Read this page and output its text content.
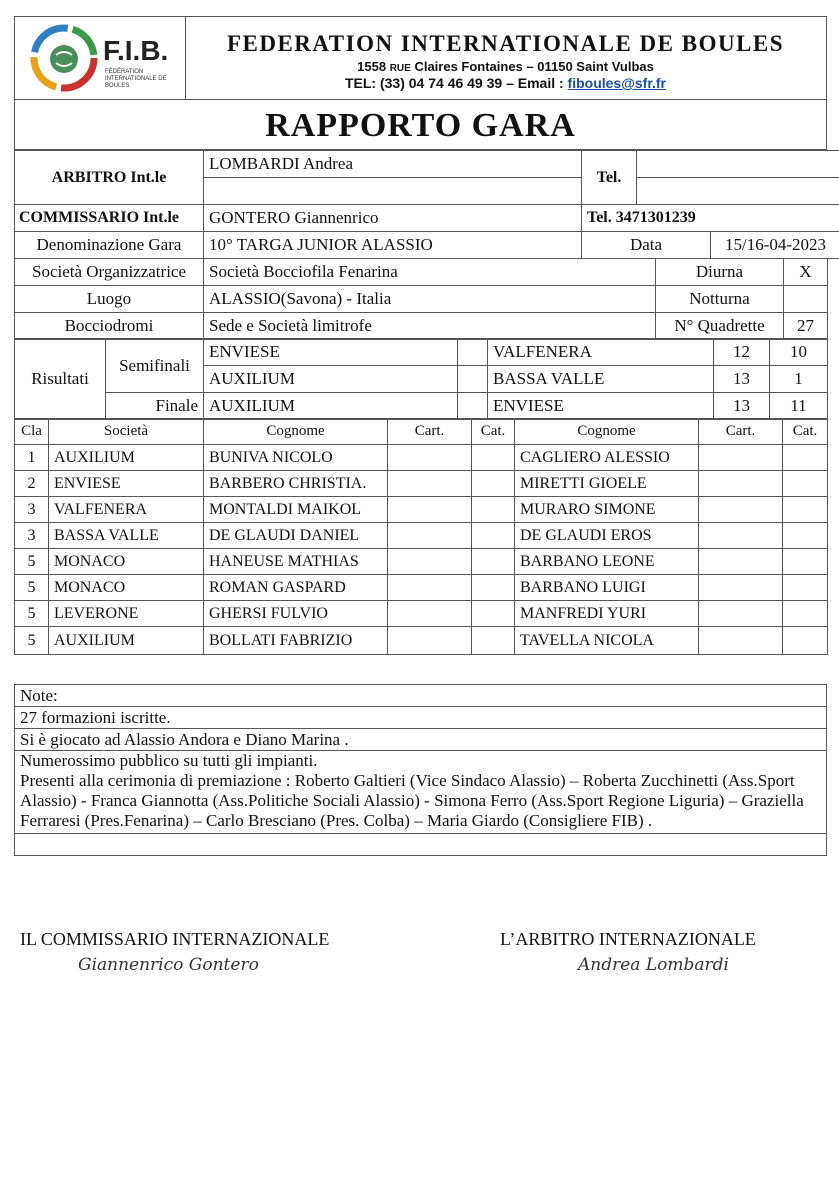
F.I.B.
FÉDÉRATION INTERNATIONALE DE BOULES
FEDERATION INTERNATIONALE DE BOULES
1558 RUE Claires Fontaines – 01150 Saint Vulbas
TEL: (33) 04 74 46 49 39 – Email : fiboules@sfr.fr
RAPPORTO GARA
ARBITRO Int.le	LOMBARDI Andrea	Tel.		

COMMISSARIO Int.le	GONTERO Giannenrico	Tel. 3471301239		
Denominazione Gara	10° TARGA JUNIOR ALASSIO	Data		15/16-04-2023
Società Organizzatrice	Società Bocciofila Fenarina	Diurna	X
Luogo	ALASSIO(Savona) - Italia	Notturna	
Bocciodromi	Sede e Società limitrofe	N° Quadrette	27
Risultati	Semifinali	ENVIESE		VALFENERA	12	10
		AUXILIUM		BASSA VALLE	13	1
	Finale	AUXILIUM		ENVIESE	13	11
Cla	Società	Cognome	Cart.	Cat.	Cognome	Cart.	Cat.
1	AUXILIUM	BUNIVA NICOLO			CAGLIERO ALESSIO		
2	ENVIESE	BARBERO CHRISTIA.			MIRETTI GIOELE		
3	VALFENERA	MONTALDI MAIKOL			MURARO SIMONE		
3	BASSA VALLE	DE GLAUDI DANIEL			DE GLAUDI EROS		
5	MONACO	HANEUSE MATHIAS			BARBANO LEONE		
5	MONACO	ROMAN GASPARD			BARBANO LUIGI		
5	LEVERONE	GHERSI FULVIO			MANFREDI YURI		
5	AUXILIUM	BOLLATI FABRIZIO			TAVELLA NICOLA		
Note:
27 formazioni iscritte.
Si è giocato ad Alassio Andora e Diano Marina .

Numerossimo pubblico su tutti gli impianti.
Presenti alla cerimonia di premiazione : Roberto Galtieri (Vice Sindaco Alassio) – Roberta Zucchinetti (Ass.Sport Alassio) - Franca Giannotta (Ass.Politiche Sociali Alassio) - Simona Ferro (Ass.Sport Regione Liguria) – Graziella Ferraresi (Pres.Fenarina) – Carlo Bresciano (Pres. Colba) – Maria Giardo (Consigliere FIB) .

IL COMMISSARIO INTERNAZIONALE
Giannenrico Gontero
L’ARBITRO INTERNAZIONALE
Andrea Lombardi
